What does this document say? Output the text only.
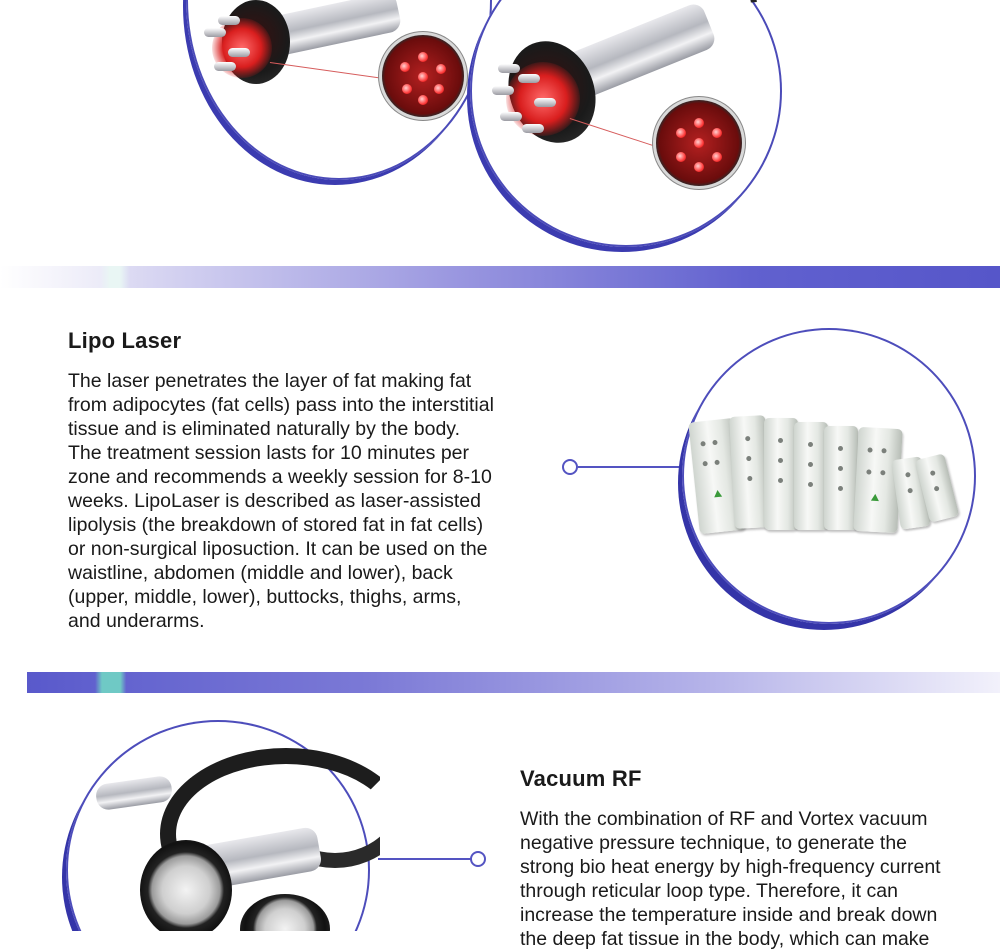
Lipo Laser
The laser penetrates the layer of fat making fat
from adipocytes (fat cells) pass into the interstitial
tissue and is eliminated naturally by the body.
The treatment session lasts for 10 minutes per
zone and recommends a weekly session for 8-10
weeks. LipoLaser is described as laser-assisted
lipolysis (the breakdown of stored fat in fat cells)
or non-surgical liposuction. It can be used on the
waistline, abdomen (middle and lower), back
(upper, middle, lower), buttocks, thighs, arms,
and underarms.
Vacuum RF
With the combination of RF and Vortex vacuum
negative pressure technique, to generate the
strong bio heat energy by high-frequency current
through reticular loop type. Therefore, it can
increase the temperature inside and break down
the deep fat tissue in the body, which can make
